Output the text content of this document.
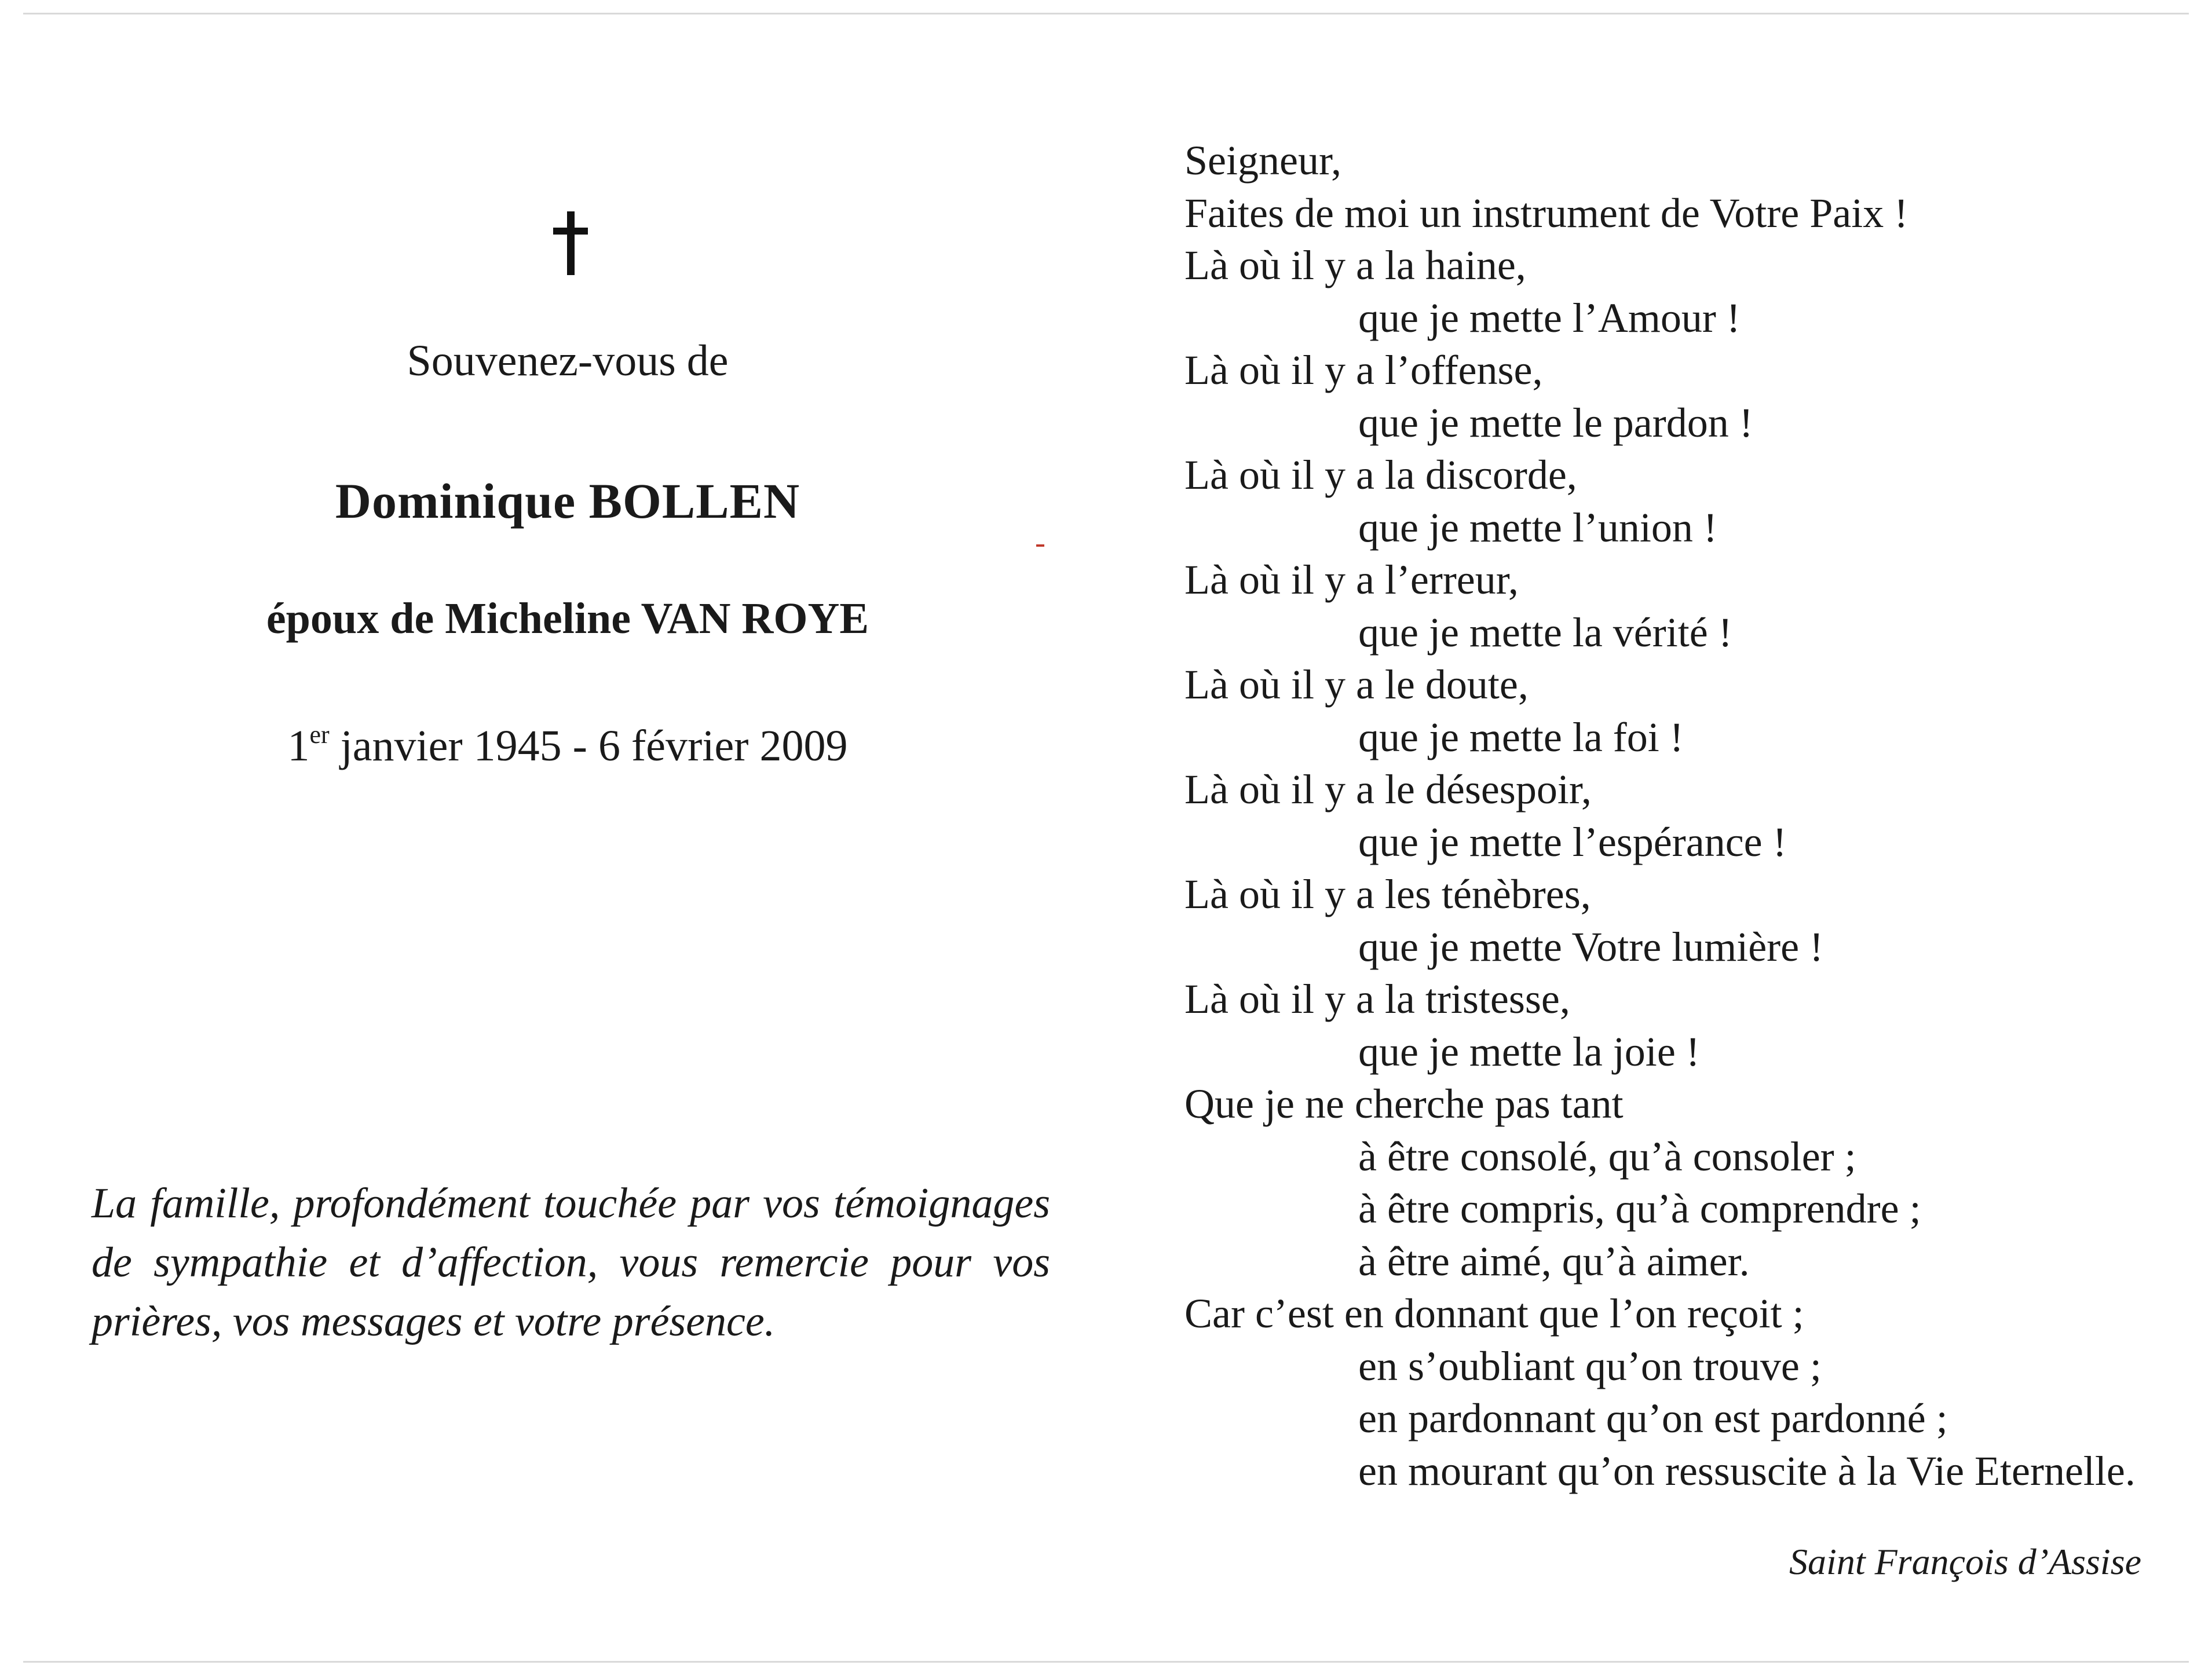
Souvenez-vous de
Dominique BOLLEN
époux de Micheline VAN ROYE
1er janvier 1945 - 6 février 2009
La famille, profondément touchée par vos témoignages de sympathie et d’affection, vous remercie pour vos prières, vos messages et votre présence.
Seigneur,
Faites de moi un instrument de Votre Paix !
Là où il y a la haine,
que je mette l’Amour !
Là où il y a l’offense,
que je mette le pardon !
Là où il y a la discorde,
que je mette l’union !
Là où il y a l’erreur,
que je mette la vérité !
Là où il y a le doute,
que je mette la foi !
Là où il y a le désespoir,
que je mette l’espérance !
Là où il y a les ténèbres,
que je mette Votre lumière !
Là où il y a la tristesse,
que je mette la joie !
Que je ne cherche pas tant
à être consolé, qu’à consoler ;
à être compris, qu’à comprendre ;
à être aimé, qu’à aimer.
Car c’est en donnant que l’on reçoit ;
en s’oubliant qu’on trouve ;
en pardonnant qu’on est pardonné ;
en mourant qu’on ressuscite à la Vie Eternelle.
Saint François d’Assise
